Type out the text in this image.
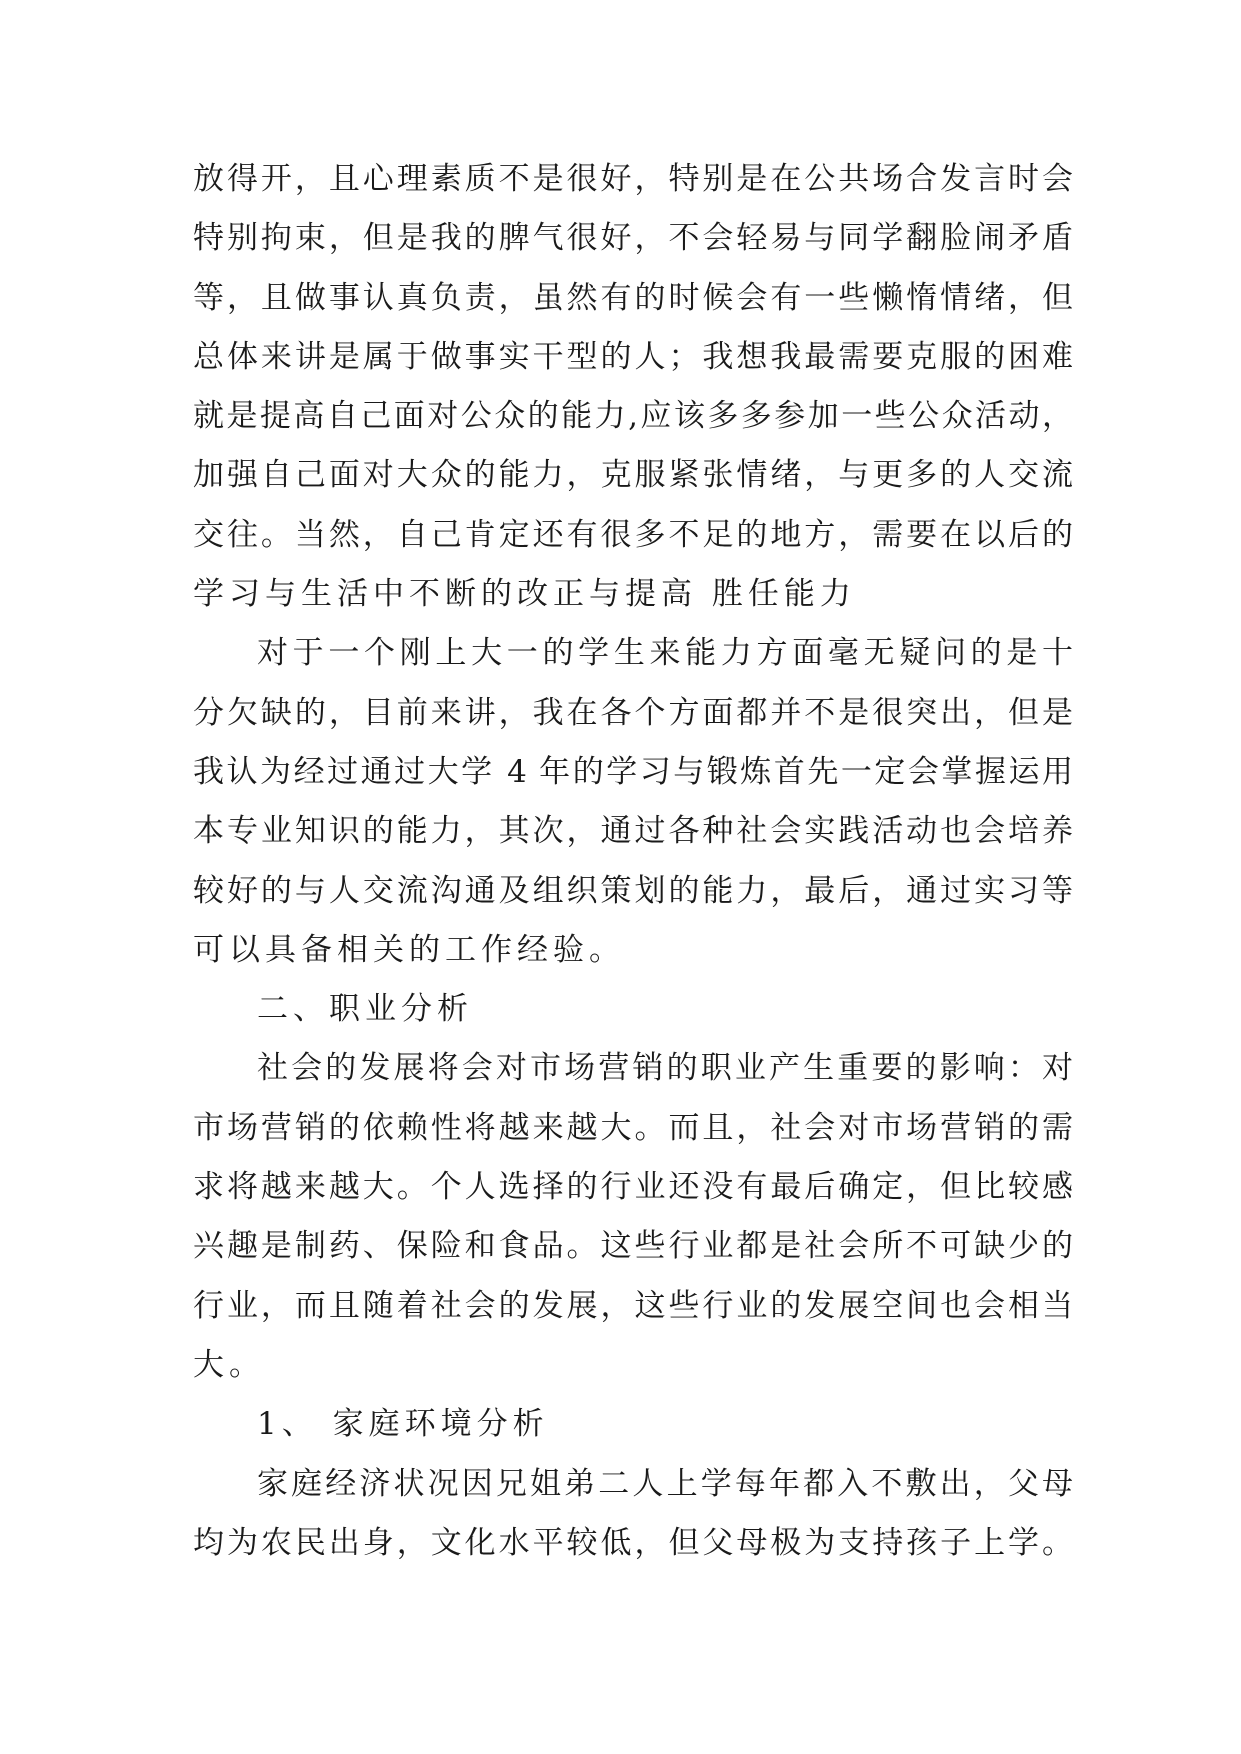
放得开，且心理素质不是很好，特别是在公共场合发言时会
特别拘束，但是我的脾气很好，不会轻易与同学翻脸闹矛盾
等，且做事认真负责，虽然有的时候会有一些懒惰情绪，但
总体来讲是属于做事实干型的人；我想我最需要克服的困难
就是提高自己面对公众的能力,应该多多参加一些公众活动，
加强自己面对大众的能力，克服紧张情绪，与更多的人交流
交往。当然，自己肯定还有很多不足的地方，需要在以后的
学习与生活中不断的改正与提高 胜任能力
对于一个刚上大一的学生来能力方面毫无疑问的是十
分欠缺的，目前来讲，我在各个方面都并不是很突出，但是
我认为经过通过大学 4 年的学习与锻炼首先一定会掌握运用
本专业知识的能力，其次，通过各种社会实践活动也会培养
较好的与人交流沟通及组织策划的能力，最后，通过实习等
可以具备相关的工作经验。
二、职业分析
社会的发展将会对市场营销的职业产生重要的影响：对
市场营销的依赖性将越来越大。而且，社会对市场营销的需
求将越来越大。个人选择的行业还没有最后确定，但比较感
兴趣是制药、保险和食品。这些行业都是社会所不可缺少的
行业，而且随着社会的发展，这些行业的发展空间也会相当
大。
1、 家庭环境分析
家庭经济状况因兄姐弟二人上学每年都入不敷出，父母
均为农民出身，文化水平较低，但父母极为支持孩子上学。
